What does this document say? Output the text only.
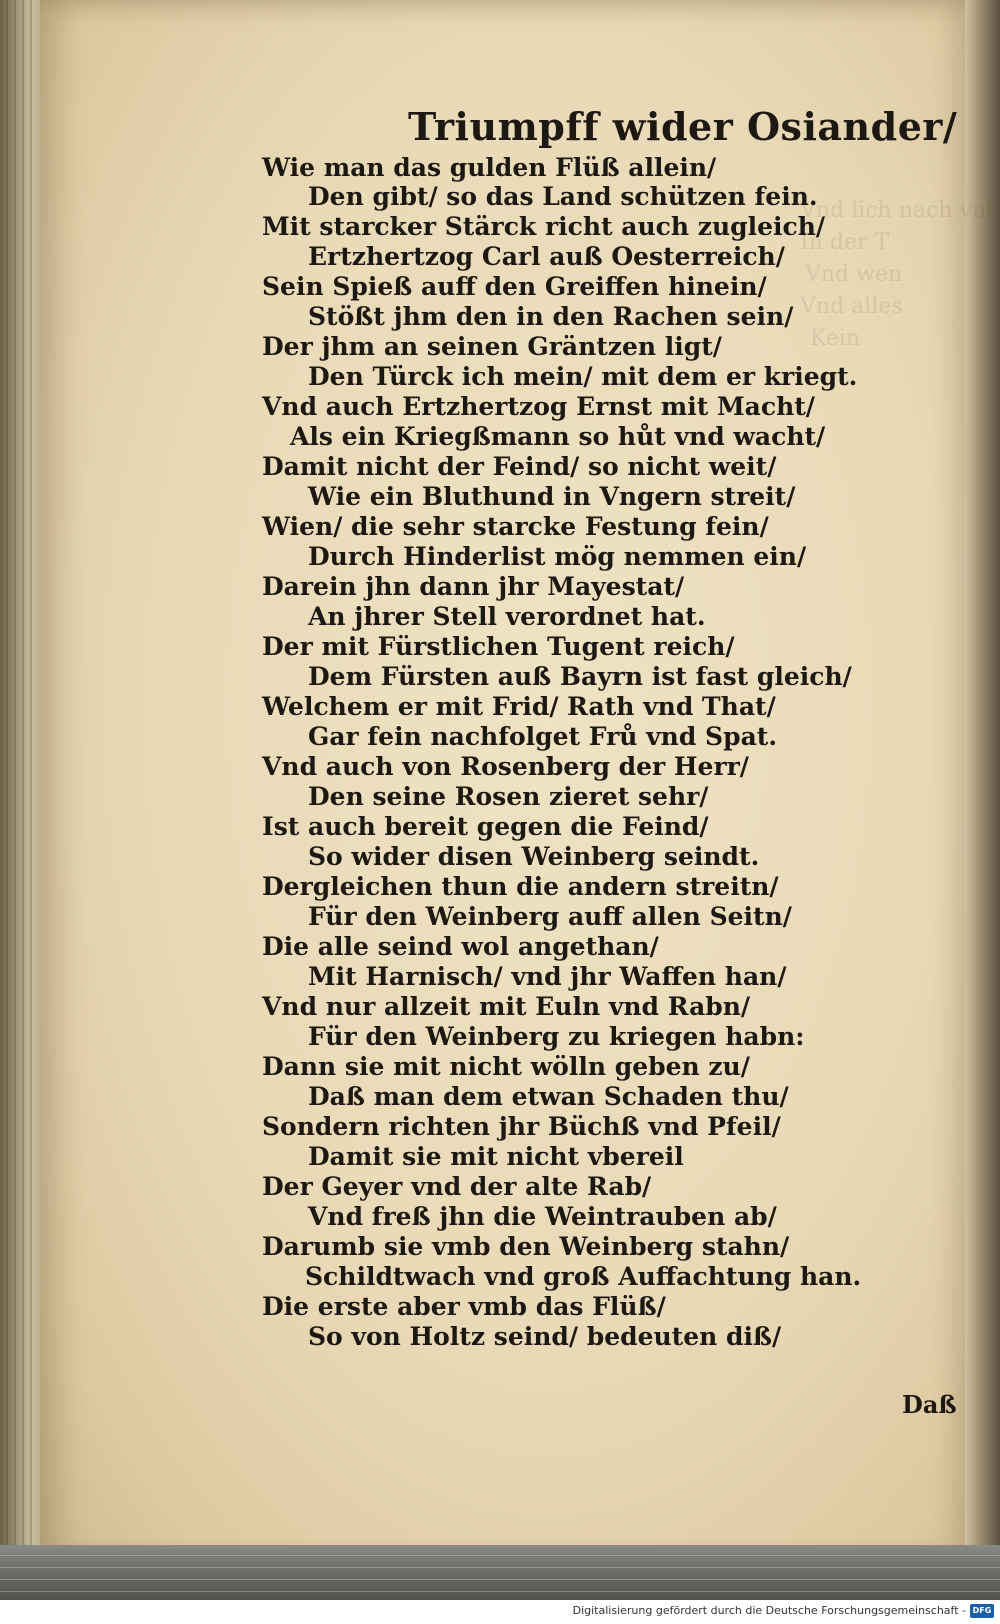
Vnd lich nach vnt
In der T
Vnd wen
Vnd alles
Kein
Triumpff wider Osiander/
Wie man das gulden Flüß allein/
Den gibt/ so das Land schützen fein.
Mit starcker Stärck richt auch zugleich/
Ertzhertzog Carl auß Oesterreich/
Sein Spieß auff den Greiffen hinein/
Stößt jhm den in den Rachen sein/
Der jhm an seinen Gräntzen ligt/
Den Türck ich mein/ mit dem er kriegt.
Vnd auch Ertzhertzog Ernst mit Macht/
Als ein Kriegßmann so hůt vnd wacht/
Damit nicht der Feind/ so nicht weit/
Wie ein Bluthund in Vngern streit/
Wien/ die sehr starcke Festung fein/
Durch Hinderlist mög nemmen ein/
Darein jhn dann jhr Mayestat/
An jhrer Stell verordnet hat.
Der mit Fürstlichen Tugent reich/
Dem Fürsten auß Bayrn ist fast gleich/
Welchem er mit Frid/ Rath vnd That/
Gar fein nachfolget Frů vnd Spat.
Vnd auch von Rosenberg der Herr/
Den seine Rosen zieret sehr/
Ist auch bereit gegen die Feind/
So wider disen Weinberg seindt.
Dergleichen thun die andern streitn/
Für den Weinberg auff allen Seitn/
Die alle seind wol angethan/
Mit Harnisch/ vnd jhr Waffen han/
Vnd nur allzeit mit Euln vnd Rabn/
Für den Weinberg zu kriegen habn:
Dann sie mit nicht wölln geben zu/
Daß man dem etwan Schaden thu/
Sondern richten jhr Büchß vnd Pfeil/
Damit sie mit nicht vbereil
Der Geyer vnd der alte Rab/
Vnd freß jhn die Weintrauben ab/
Darumb sie vmb den Weinberg stahn/
Schildtwach vnd groß Auffachtung han.
Die erste aber vmb das Flüß/
So von Holtz seind/ bedeuten diß/
Daß
Digitalisierung gefördert durch die Deutsche Forschungsgemeinschaft - DFG
